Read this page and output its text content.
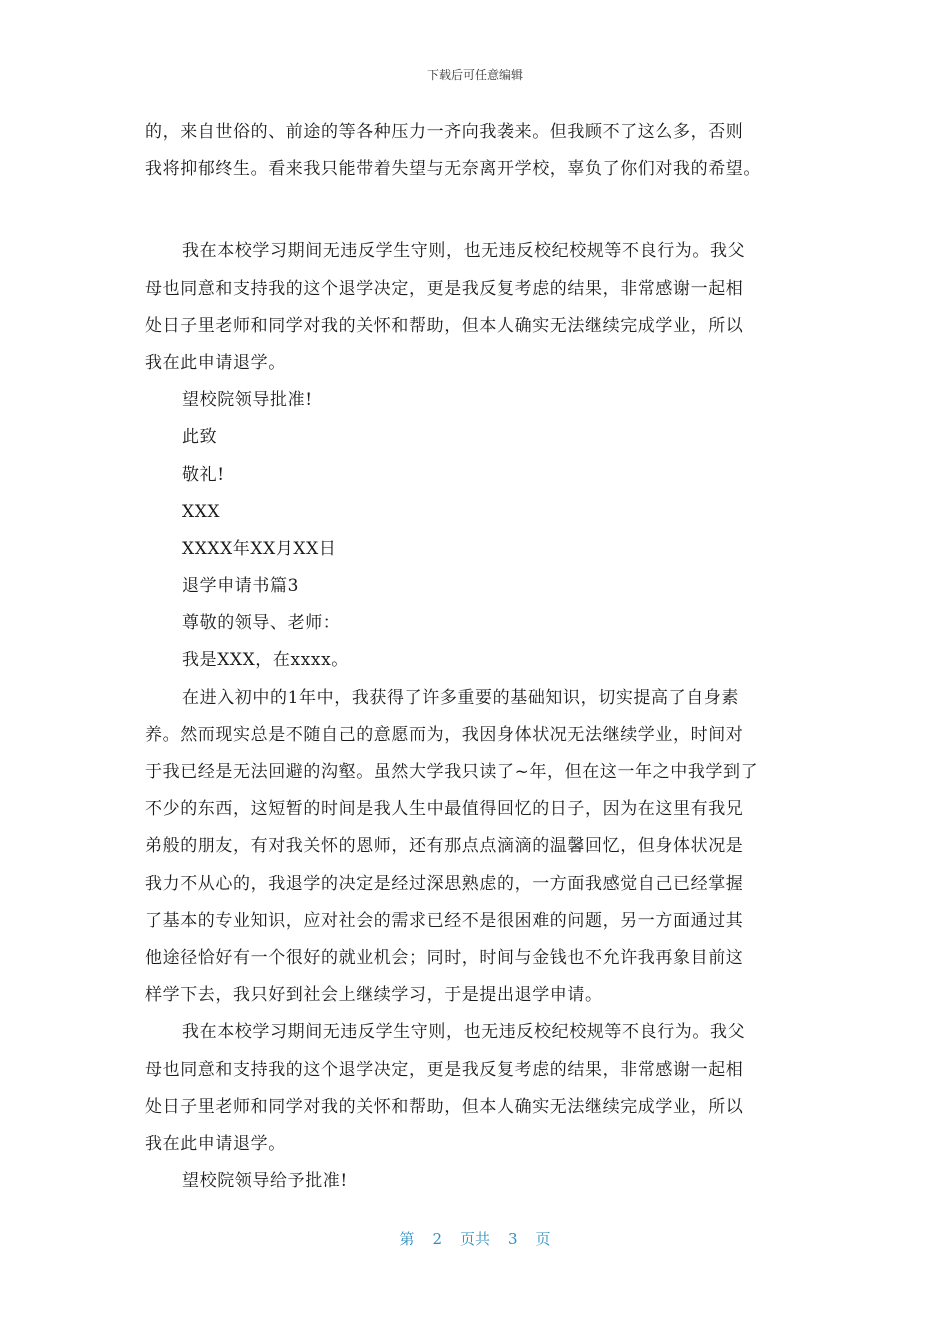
下载后可任意编辑
的，来自世俗的、前途的等各种压力一齐向我袭来。但我顾不了这么多，否则
我将抑郁终生。看来我只能带着失望与无奈离开学校，辜负了你们对我的希望。
我在本校学习期间无违反学生守则，也无违反校纪校规等不良行为。我父
母也同意和支持我的这个退学决定，更是我反复考虑的结果，非常感谢一起相
处日子里老师和同学对我的关怀和帮助，但本人确实无法继续完成学业，所以
我在此申请退学。
望校院领导批准!
此致
敬礼!
XXX
XXXX年XX月XX日
退学申请书篇3
尊敬的领导、老师：
我是XXX，在xxxx。
在进入初中的1年中，我获得了许多重要的基础知识，切实提高了自身素
养。然而现实总是不随自己的意愿而为，我因身体状况无法继续学业，时间对
于我已经是无法回避的沟壑。虽然大学我只读了~年，但在这一年之中我学到了
不少的东西，这短暂的时间是我人生中最值得回忆的日子，因为在这里有我兄
弟般的朋友，有对我关怀的恩师，还有那点点滴滴的温馨回忆，但身体状况是
我力不从心的，我退学的决定是经过深思熟虑的，一方面我感觉自己已经掌握
了基本的专业知识，应对社会的需求已经不是很困难的问题，另一方面通过其
他途径恰好有一个很好的就业机会；同时，时间与金钱也不允许我再象目前这
样学下去，我只好到社会上继续学习，于是提出退学申请。
我在本校学习期间无违反学生守则，也无违反校纪校规等不良行为。我父
母也同意和支持我的这个退学决定，更是我反复考虑的结果，非常感谢一起相
处日子里老师和同学对我的关怀和帮助，但本人确实无法继续完成学业，所以
我在此申请退学。
望校院领导给予批准!
第 2 页共 3 页
